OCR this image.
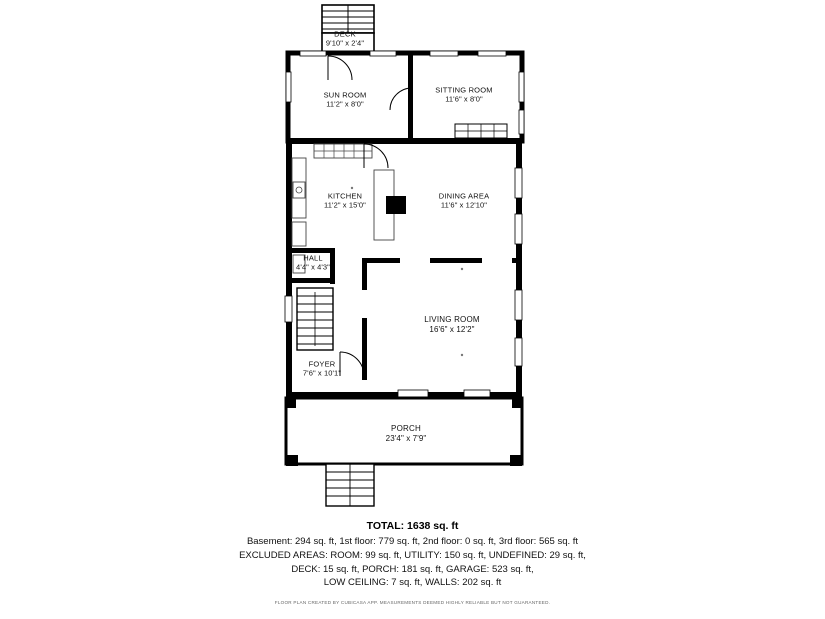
DECK
9'10" x 2'4"
SUN ROOM
11'2" x 8'0"
SITTING ROOM
11'6" x 8'0"
KITCHEN
11'2" x 15'0"
DINING AREA
11'6" x 12'10"
HALL
4'4" x 4'3"
LIVING ROOM
16'6" x 12'2"
FOYER
7'6" x 10'1"
PORCH
23'4" x 7'9"
TOTAL: 1638 sq. ft
Basement: 294 sq. ft, 1st floor: 779 sq. ft, 2nd floor: 0 sq. ft, 3rd floor: 565 sq. ft
EXCLUDED AREAS: ROOM: 99 sq. ft, UTILITY: 150 sq. ft, UNDEFINED: 29 sq. ft,
DECK: 15 sq. ft, PORCH: 181 sq. ft, GARAGE: 523 sq. ft,
LOW CEILING: 7 sq. ft, WALLS: 202 sq. ft
FLOOR PLAN CREATED BY CUBICASA APP. MEASUREMENTS DEEMED HIGHLY RELIABLE BUT NOT GUARANTEED.
